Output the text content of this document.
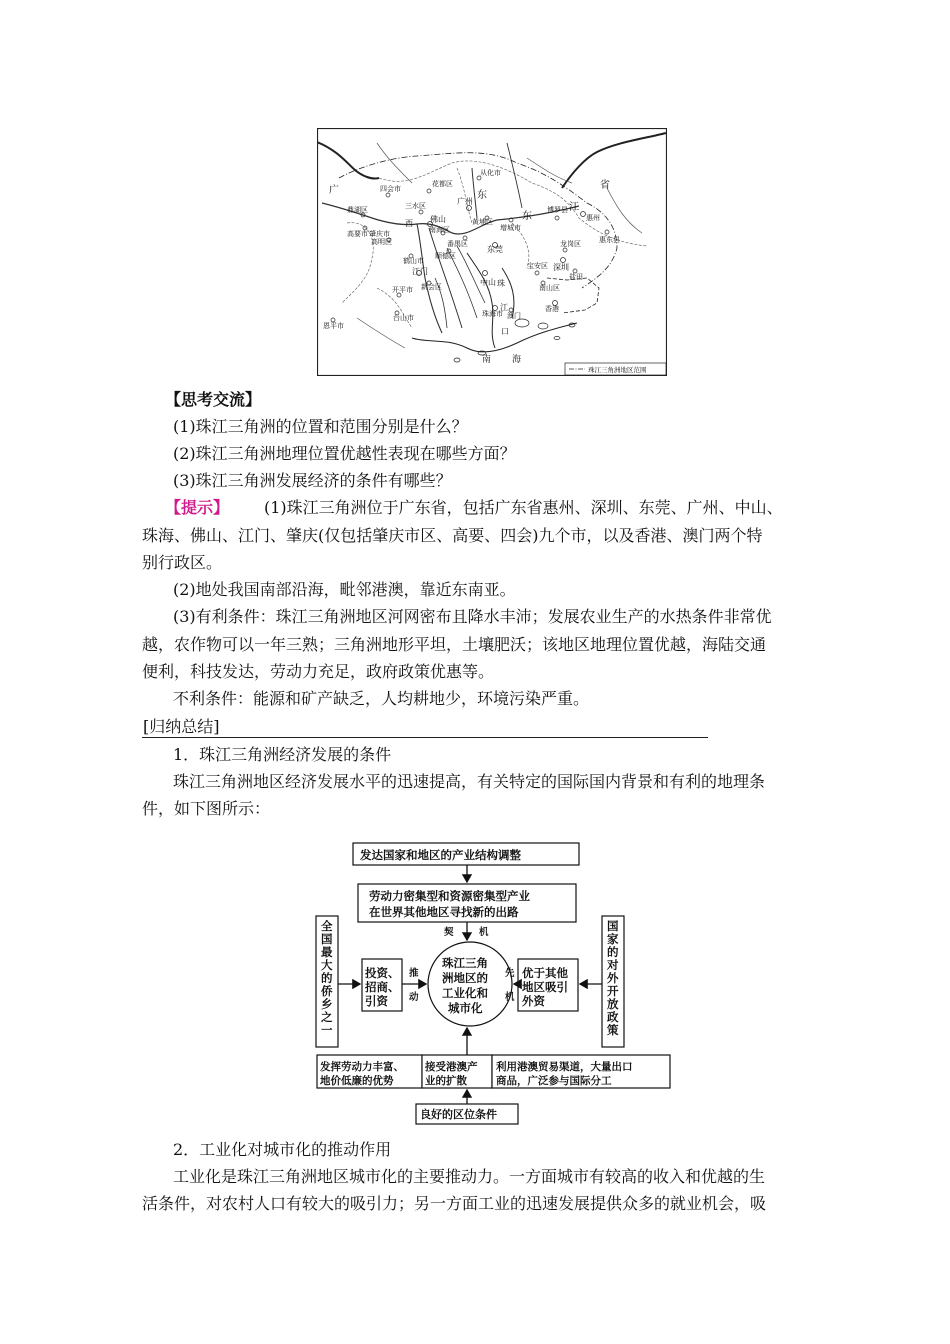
广	东
省
东
江
四会市
花都区
从化市
鼎湖区
高要市 肇庆市
三水区	广州
黄埔区
增城市
博罗县
惠州
惠东县
佛山
南海区
番禺区
东莞
高明区
顺德区
西
鹤山市
江门
新会区	中山
宝安区 深圳
龙岗区
盐田
南山区
开平市
台山市	珠海市 澳门
香港
恩平市
珠
江
口
南 海
珠江三角洲地区范围
【思考交流】
(1)珠江三角洲的位置和范围分别是什么？
(2)珠江三角洲地理位置优越性表现在哪些方面？
(3)珠江三角洲发展经济的条件有哪些？
【提示】 (1)珠江三角洲位于广东省，包括广东省惠州、深圳、东莞、广州、中山、
珠海、佛山、江门、肇庆(仅包括肇庆市区、高要、四会)九个市，以及香港、澳门两个特
别行政区。
(2)地处我国南部沿海，毗邻港澳，靠近东南亚。
(3)有利条件：珠江三角洲地区河网密布且降水丰沛；发展农业生产的水热条件非常优
越，农作物可以一年三熟；三角洲地形平坦，土壤肥沃；该地区地理位置优越，海陆交通
便利，科技发达，劳动力充足，政府政策优惠等。
不利条件：能源和矿产缺乏，人均耕地少，环境污染严重。
[归纳总结]
1．珠江三角洲经济发展的条件
珠江三角洲地区经济发展水平的迅速提高，有关特定的国际国内背景和有利的地理条
件，如下图所示：
发达国家和地区的产业结构调整
劳动力密集型和资源密集型产业
在世界其他地区寻找新的出路
契	机
投资、
招商、
引资
推
动
珠江三角
洲地区的
工业化和
城市化
先
机
优于其他
地区吸引
外资
发挥劳动力丰富、
地价低廉的优势
接受港澳产
业的扩散
利用港澳贸易渠道，大量出口
商品，广泛参与国际分工
良好的区位条件
全
国
最
大
的
侨
乡
之
一
国
家
的
对
外
开
放
政
策
2．工业化对城市化的推动作用
工业化是珠江三角洲地区城市化的主要推动力。一方面城市有较高的收入和优越的生
活条件，对农村人口有较大的吸引力；另一方面工业的迅速发展提供众多的就业机会，吸
